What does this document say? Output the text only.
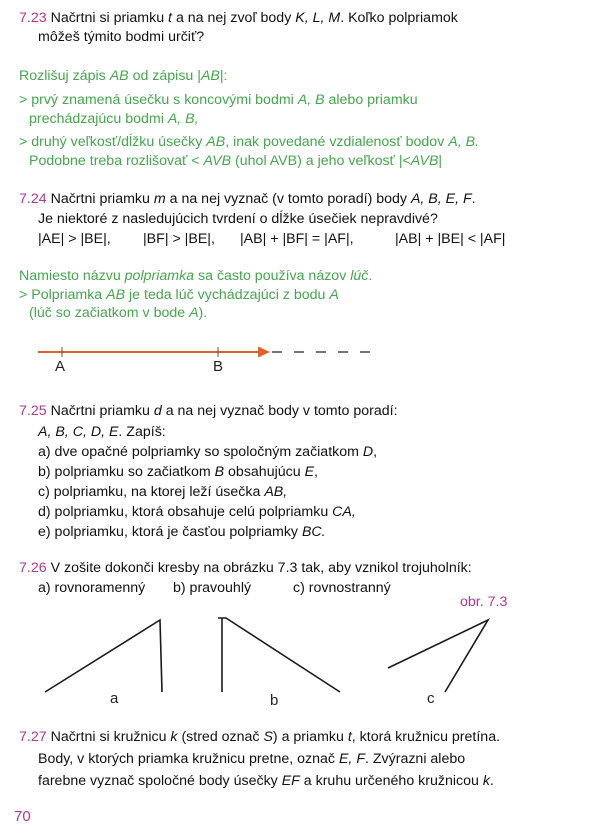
7.23 Načrtni si priamku t a na nej zvoľ body K, L, M. Koľko polpriamok
môžeš týmito bodmi určiť?
Rozlišuj zápis AB od zápisu |AB|:
> prvý znamená úsečku s koncovými bodmi A, B alebo priamku
prechádzajúcu bodmi A, B,
> druhý veľkosť/dĺžku úsečky AB, inak povedané vzdialenosť bodov A, B.
Podobne treba rozlišovať < AVB (uhol AVB) a jeho veľkosť |<AVB|
7.24 Načrtni priamku m a na nej vyznač (v tomto poradí) body A, B, E, F.
Je niektoré z nasledujúcich tvrdení o dĺžke úsečiek nepravdivé?
|AE| > |BE|, |BF| > |BE|, |AB| + |BF| = |AF|,	|AB| + |BE| < |AF|
Namiesto názvu polpriamka sa často používa názov lúč.
> Polpriamka AB je teda lúč vychádzajúci z bodu A
(lúč so začiatkom v bode A).
A	B
7.25 Načrtni priamku d a na nej vyznač body v tomto poradí:
A, B, C, D, E. Zapíš:
a) dve opačné polpriamky so spoločným začiatkom D,
b) polpriamku so začiatkom B obsahujúcu E,
c) polpriamku, na ktorej leží úsečka AB,
d) polpriamku, ktorá obsahuje celú polpriamku CA,
e) polpriamku, ktorá je časťou polpriamky BC.
7.26 V zošite dokonči kresby na obrázku 7.3 tak, aby vznikol trojuholník:
a) rovnoramenný b) pravouhlý	c) rovnostranný
obr. 7.3
a	b	c
7.27 Načrtni si kružnicu k (stred označ S) a priamku t, ktorá kružnicu pretína.
Body, v ktorých priamka kružnicu pretne, označ E, F. Zvýrazni alebo
farebne vyznač spoločné body úsečky EF a kruhu určeného kružnicou k.
70
